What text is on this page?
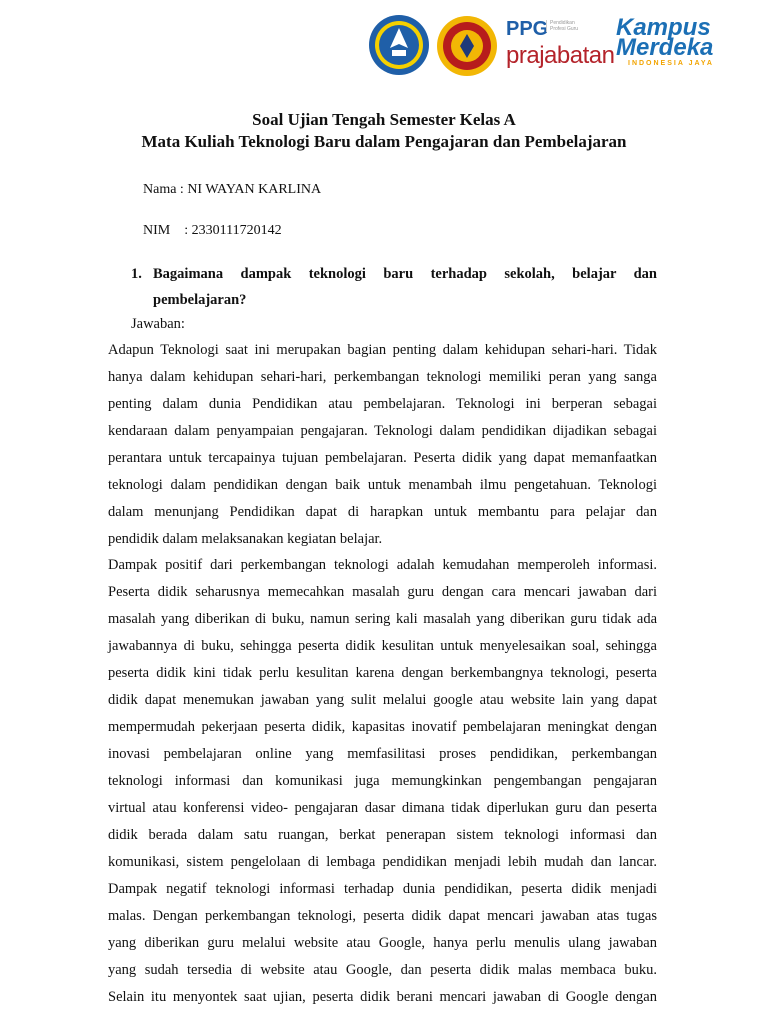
PPG Pendidikan Profesi Guru
prajabatan
Kampus
Merdeka
INDONESIA JAYA
Soal Ujian Tengah Semester Kelas A
Mata Kuliah Teknologi Baru dalam Pengajaran dan Pembelajaran
Nama : NI WAYAN KARLINA
NIM    : 2330111720142
1. Bagaimana dampak teknologi baru terhadap sekolah, belajar dan
pembelajaran?
Jawaban:
Adapun Teknologi saat ini merupakan bagian penting dalam kehidupan sehari-hari. Tidak
hanya dalam kehidupan sehari-hari, perkembangan teknologi memiliki peran yang sanga
penting dalam dunia Pendidikan atau pembelajaran. Teknologi ini berperan sebagai
kendaraan dalam penyampaian pengajaran. Teknologi dalam pendidikan dijadikan sebagai
perantara untuk tercapainya tujuan pembelajaran. Peserta didik yang dapat memanfaatkan
teknologi dalam pendidikan dengan baik untuk menambah ilmu pengetahuan. Teknologi
dalam menunjang Pendidikan dapat di harapkan untuk membantu para pelajar dan
pendidik dalam melaksanakan kegiatan belajar.
Dampak positif dari perkembangan teknologi adalah kemudahan memperoleh informasi.
Peserta didik seharusnya memecahkan masalah guru dengan cara mencari jawaban dari
masalah yang diberikan di buku, namun sering kali masalah yang diberikan guru tidak ada
jawabannya di buku, sehingga peserta didik kesulitan untuk menyelesaikan soal, sehingga
peserta didik kini tidak perlu kesulitan karena dengan berkembangnya teknologi, peserta
didik dapat menemukan jawaban yang sulit melalui google atau website lain yang dapat
mempermudah pekerjaan peserta didik, kapasitas inovatif pembelajaran meningkat dengan
inovasi pembelajaran online yang memfasilitasi proses pendidikan, perkembangan
teknologi informasi dan komunikasi juga memungkinkan pengembangan pengajaran
virtual atau konferensi video- pengajaran dasar dimana tidak diperlukan guru dan peserta
didik berada dalam satu ruangan, berkat penerapan sistem teknologi informasi dan
komunikasi, sistem pengelolaan di lembaga pendidikan menjadi lebih mudah dan lancar.
Dampak negatif teknologi informasi terhadap dunia pendidikan, peserta didik menjadi
malas. Dengan perkembangan teknologi, peserta didik dapat mencari jawaban atas tugas
yang diberikan guru melalui website atau Google, hanya perlu menulis ulang jawaban
yang sudah tersedia di website atau Google, dan peserta didik malas membaca buku.
Selain itu menyontek saat ujian, peserta didik berani mencari jawaban di Google dengan
